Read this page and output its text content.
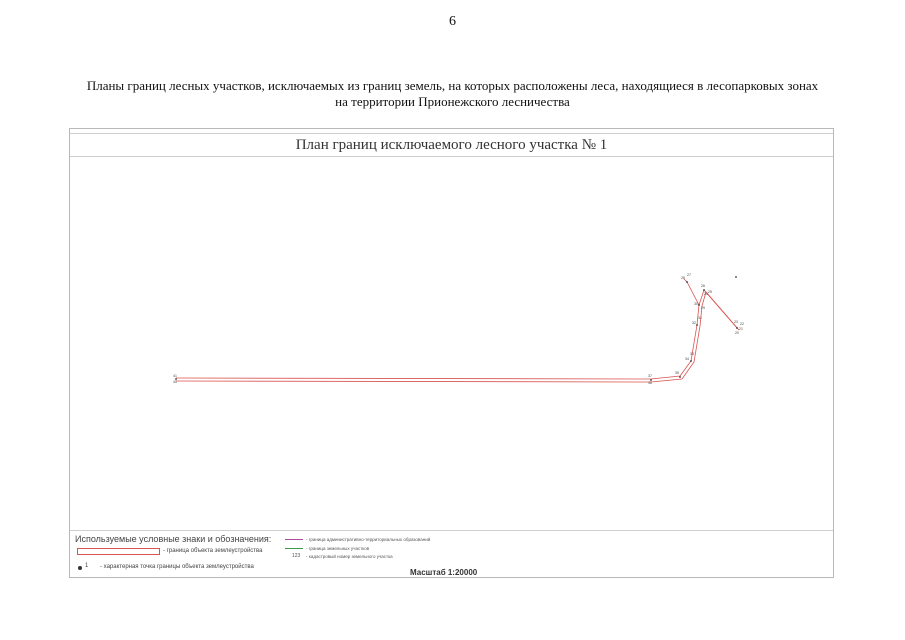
6
Планы границ лесных участков, исключаемых из границ земель, на которых расположены леса, находящиеся в лесопарковых зонах на территории Прионежского лесничества
План границ исключаемого лесного участка № 1
41
40
37
36
35
34
33
32
31
30
29
28
27
26
25
24
23 22
21
20
Используемые условные знаки и обозначения:
- граница объекта землеустройства
1 - характерная точка границы объекта землеустройства
- граница административно-территориальных образований
- граница земельных участков
123 - кадастровый номер земельного участка
Масштаб 1:20000
